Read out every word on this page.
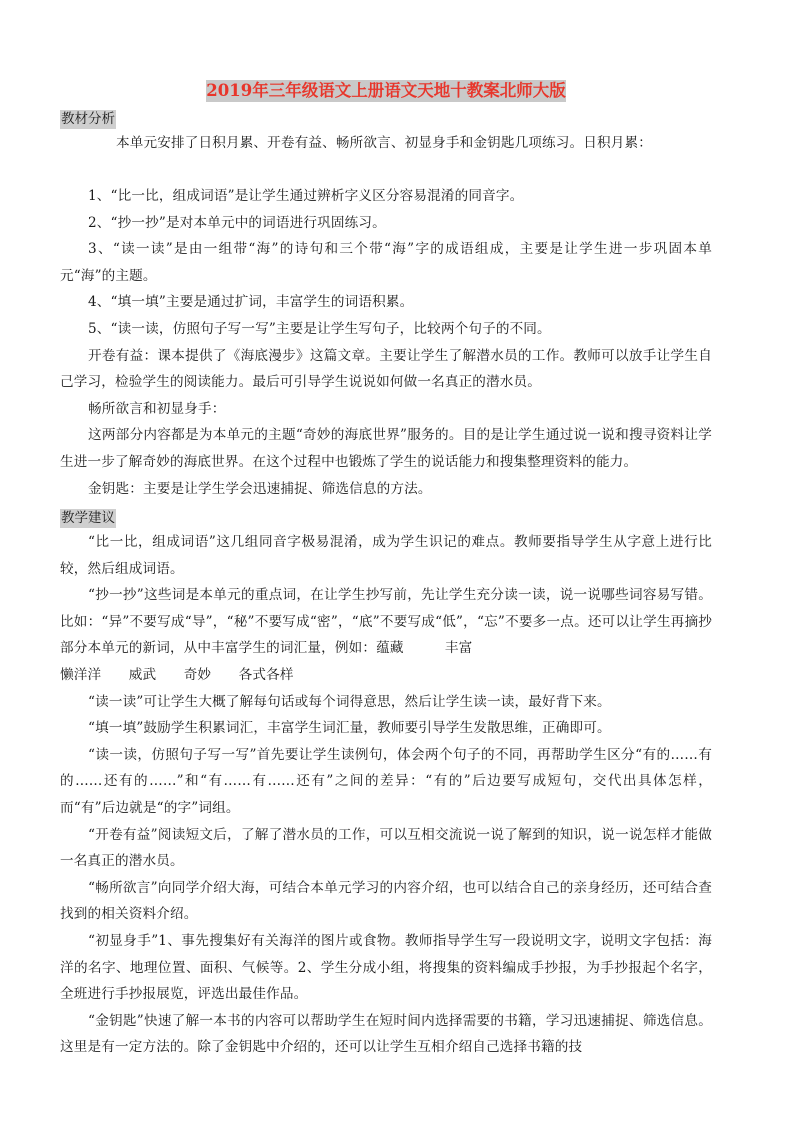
2019年三年级语文上册语文天地十教案北师大版
教材分析

本单元安排了日积月累、开卷有益、畅所欲言、初显身手和金钥匙几项练习。日积月累：

1、“比一比，组成词语”是让学生通过辨析字义区分容易混淆的同音字。

2、“抄一抄”是对本单元中的词语进行巩固练习。

3、“读一读”是由一组带“海”的诗句和三个带“海”字的成语组成，主要是让学生进一步巩固本单元“海”的主题。

4、“填一填”主要是通过扩词，丰富学生的词语积累。

5、“读一读，仿照句子写一写”主要是让学生写句子，比较两个句子的不同。

开卷有益：课本提供了《海底漫步》这篇文章。主要让学生了解潜水员的工作。教师可以放手让学生自己学习，检验学生的阅读能力。最后可引导学生说说如何做一名真正的潜水员。

畅所欲言和初显身手：

这两部分内容都是为本单元的主题“奇妙的海底世界”服务的。目的是让学生通过说一说和搜寻资料让学生进一步了解奇妙的海底世界。在这个过程中也锻炼了学生的说话能力和搜集整理资料的能力。

金钥匙：主要是让学生学会迅速捕捉、筛选信息的方法。

教学建议

“比一比，组成词语”这几组同音字极易混淆，成为学生识记的难点。教师要指导学生从字意上进行比较，然后组成词语。

“抄一抄”这些词是本单元的重点词，在让学生抄写前，先让学生充分读一读，说一说哪些词容易写错。比如：“异”不要写成“导”，“秘”不要写成“密”，“底”不要写成“低”，“忘”不要多一点。还可以让学生再摘抄部分本单元的新词，从中丰富学生的词汇量，例如：蕴藏　　　丰富

懒洋洋　　威武　　奇妙　　各式各样

“读一读”可让学生大概了解每句话或每个词得意思，然后让学生读一读，最好背下来。

“填一填”鼓励学生积累词汇，丰富学生词汇量，教师要引导学生发散思维，正确即可。

“读一读，仿照句子写一写”首先要让学生读例句，体会两个句子的不同，再帮助学生区分“有的……有的……还有的……”和“有……有……还有”之间的差异：“有的”后边要写成短句，交代出具体怎样，而“有”后边就是“的字”词组。

“开卷有益”阅读短文后，了解了潜水员的工作，可以互相交流说一说了解到的知识，说一说怎样才能做一名真正的潜水员。

“畅所欲言”向同学介绍大海，可结合本单元学习的内容介绍，也可以结合自己的亲身经历，还可结合查找到的相关资料介绍。

“初显身手”1、事先搜集好有关海洋的图片或食物。教师指导学生写一段说明文字，说明文字包括：海洋的名字、地理位置、面积、气候等。2、学生分成小组，将搜集的资料编成手抄报，为手抄报起个名字，全班进行手抄报展览，评选出最佳作品。

“金钥匙”快速了解一本书的内容可以帮助学生在短时间内选择需要的书籍，学习迅速捕捉、筛选信息。这里是有一定方法的。除了金钥匙中介绍的，还可以让学生互相介绍自己选择书籍的技
